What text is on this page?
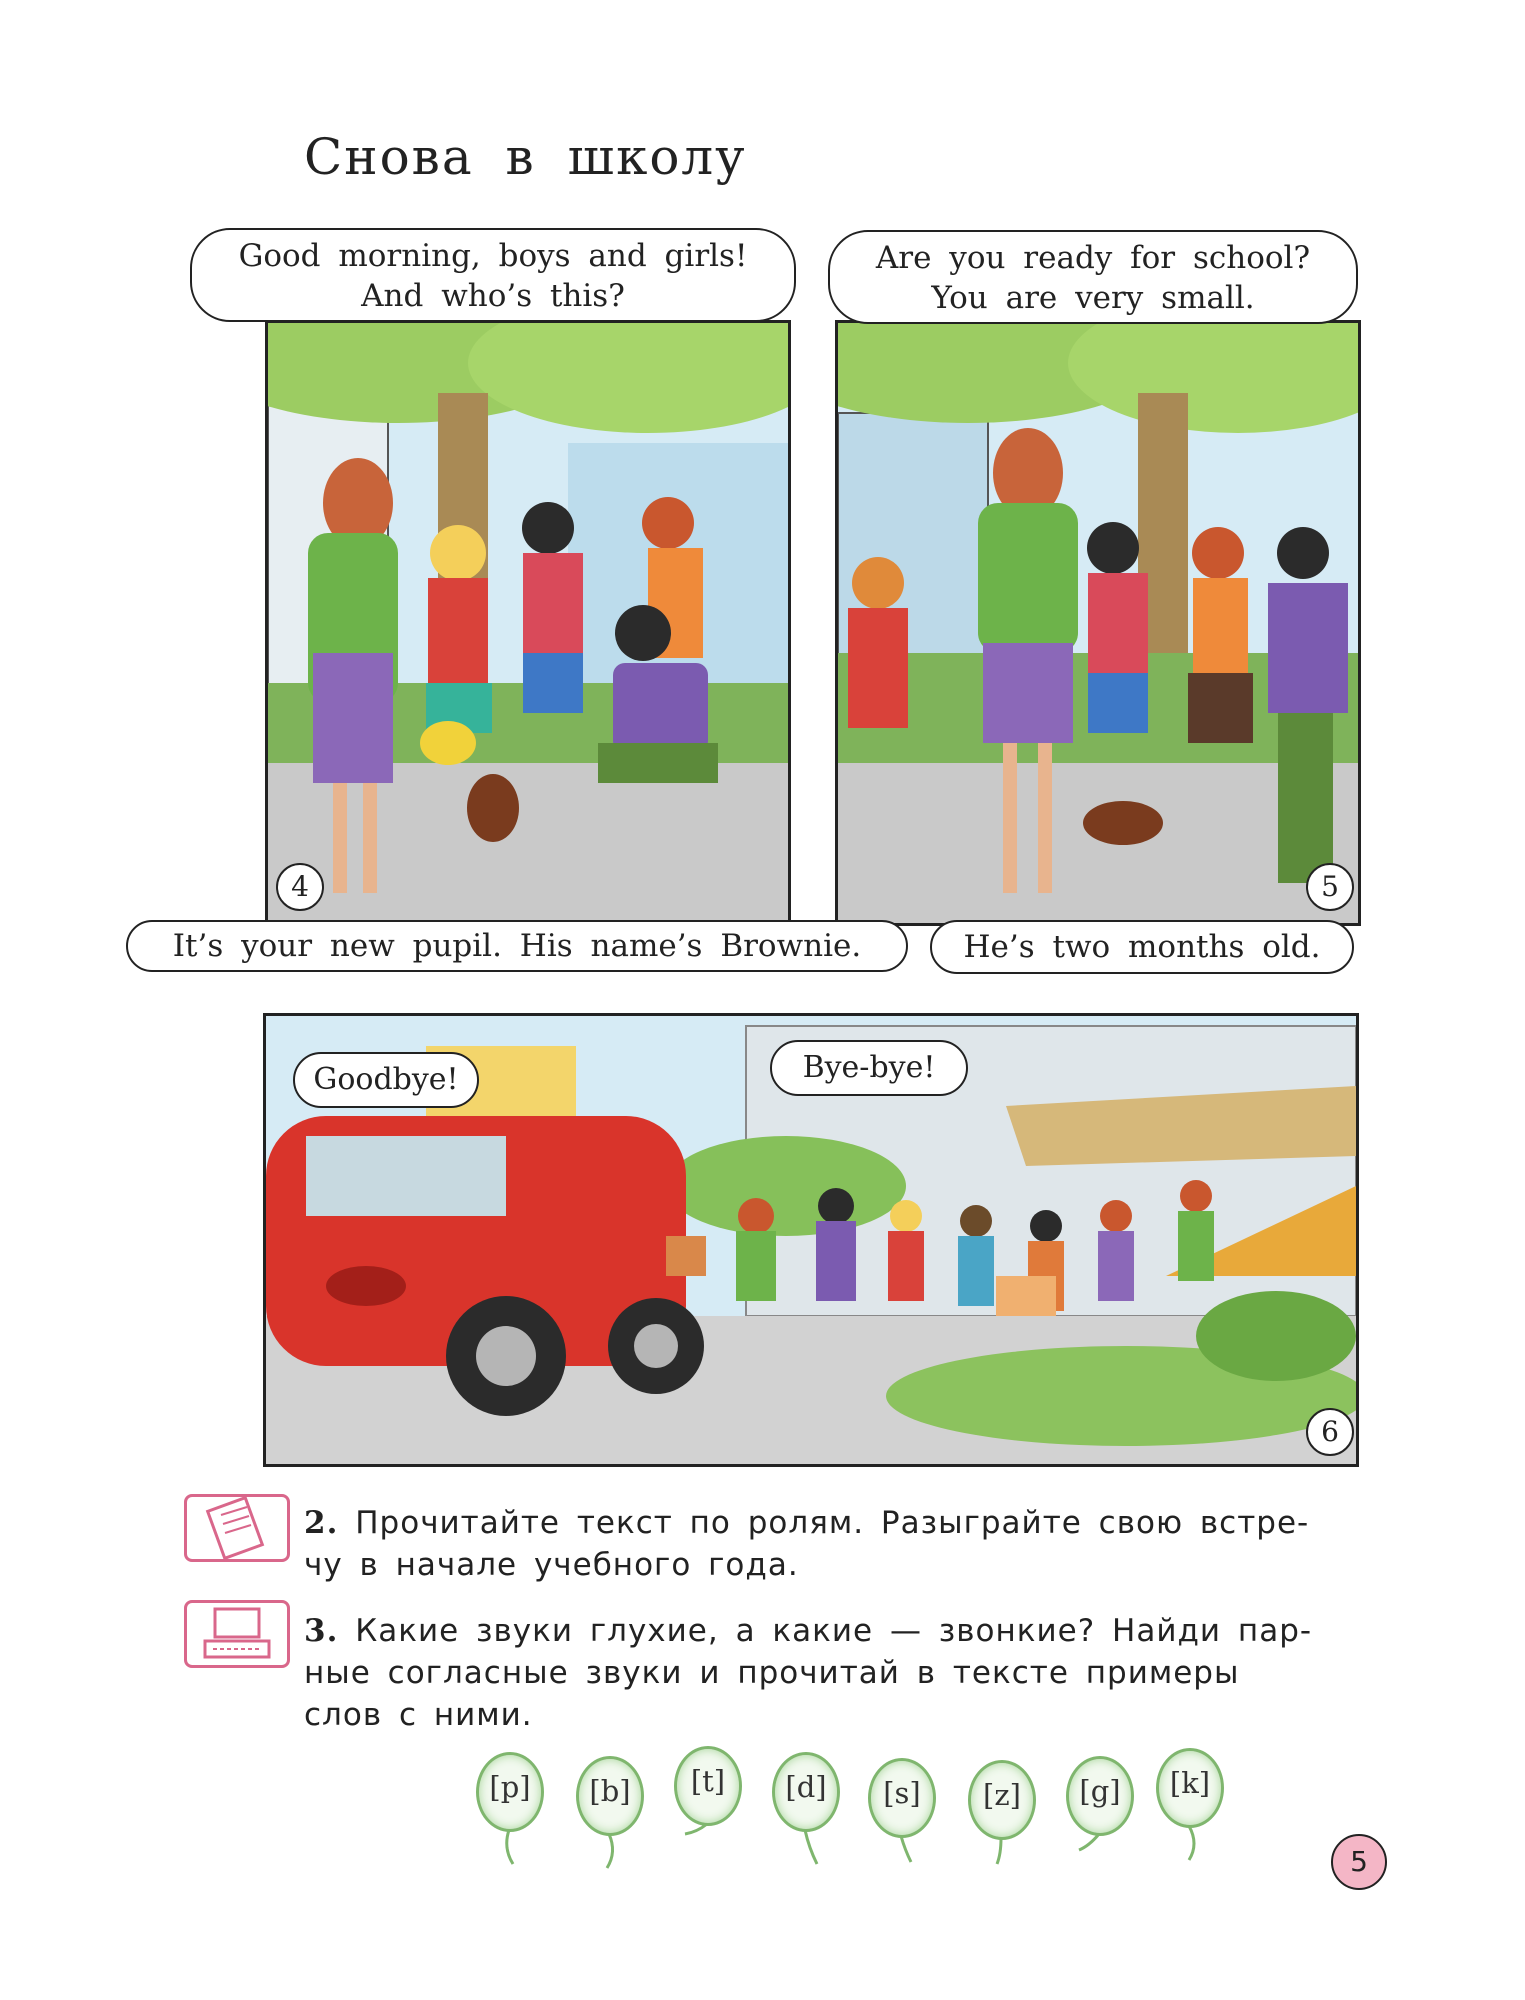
Снова в школу
4
Good morning, boys and girls!
And who’s this?
It’s your new pupil. His name’s Brownie.
5
Are you ready for school?
You are very small.
He’s two months old.
6
Goodbye!	Bye-bye!
2. Прочитайте текст по ролям. Разыграйте свою встре-
чу в начале учебного года.
3. Какие звуки глухие, а какие — звонкие? Найди пар-
ные согласные звуки и прочитай в тексте примеры
слов с ними.
[p]	[b]	[t]	[d]	[s]	[z]	[g]	[k]
5
